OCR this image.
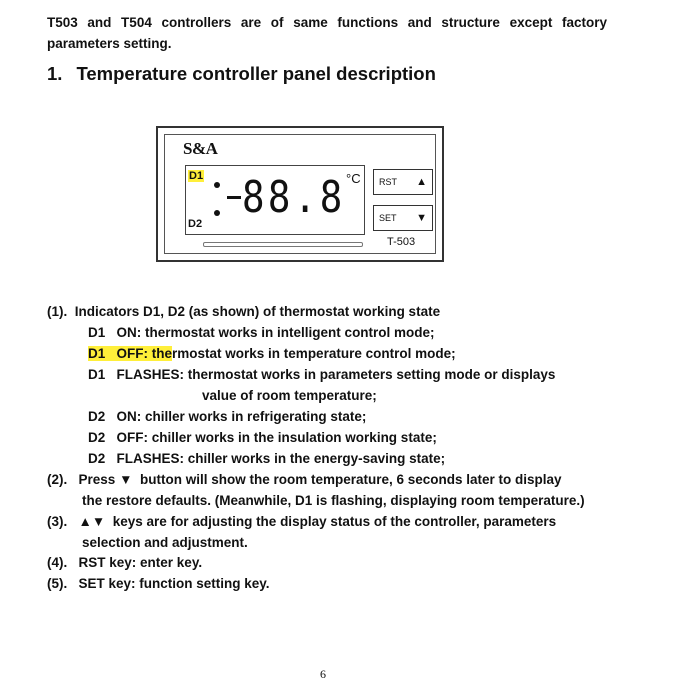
T503 and T504 controllers are of same functions and structure except factory parameters setting.
1. Temperature controller panel description
S&A
D1
D2
88.8 °C RST ▲
SET ▼
T-503
(1). Indicators D1, D2 (as shown) of thermostat working state
D1 ON: thermostat works in intelligent control mode;
D1 OFF: thermostat works in temperature control mode;
D1 FLASHES: thermostat works in parameters setting mode or displays
value of room temperature;
D2 ON: chiller works in refrigerating state;
D2 OFF: chiller works in the insulation working state;
D2 FLASHES: chiller works in the energy-saving state;
(2). Press ▼ button will show the room temperature, 6 seconds later to display
the restore defaults. (Meanwhile, D1 is flashing, displaying room temperature.)
(3). ▲▼ keys are for adjusting the display status of the controller, parameters
selection and adjustment.
(4). RST key: enter key.
(5). SET key: function setting key.
6
